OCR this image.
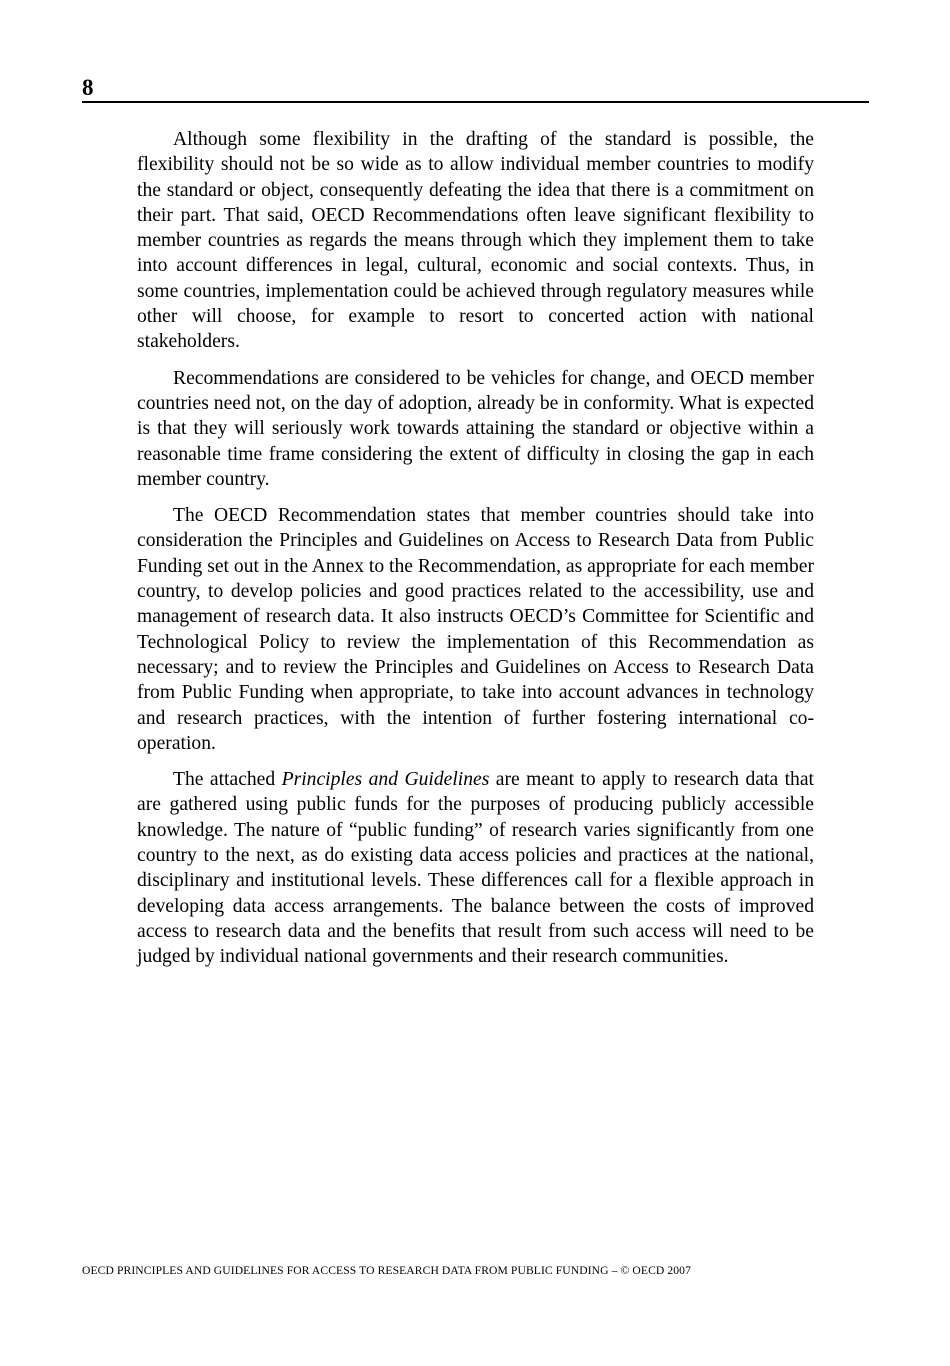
8

Although some flexibility in the drafting of the standard is possible, the flexibility should not be so wide as to allow individual member countries to modify the standard or object, consequently defeating the idea that there is a commitment on their part. That said, OECD Recommendations often leave significant flexibility to member countries as regards the means through which they implement them to take into account differences in legal, cultural, economic and social contexts. Thus, in some countries, implementation could be achieved through regulatory measures while other will choose, for example to resort to concerted action with national stakeholders.

Recommendations are considered to be vehicles for change, and OECD member countries need not, on the day of adoption, already be in conformity. What is expected is that they will seriously work towards attaining the standard or objective within a reasonable time frame considering the extent of difficulty in closing the gap in each member country.

The OECD Recommendation states that member countries should take into consideration the Principles and Guidelines on Access to Research Data from Public Funding set out in the Annex to the Recommendation, as appropriate for each member country, to develop policies and good practices related to the accessibility, use and management of research data. It also instructs OECD’s Committee for Scientific and Technological Policy to review the implementation of this Recommendation as necessary; and to review the Principles and Guidelines on Access to Research Data from Public Funding when appropriate, to take into account advances in technology and research practices, with the intention of further fostering international co-operation.

The attached Principles and Guidelines are meant to apply to research data that are gathered using public funds for the purposes of producing publicly accessible knowledge. The nature of “public funding” of research varies significantly from one country to the next, as do existing data access policies and practices at the national, disciplinary and institutional levels. These differences call for a flexible approach in developing data access arrangements. The balance between the costs of improved access to research data and the benefits that result from such access will need to be judged by individual national governments and their research communities.

OECD PRINCIPLES AND GUIDELINES FOR ACCESS TO RESEARCH DATA FROM PUBLIC FUNDING – © OECD 2007
